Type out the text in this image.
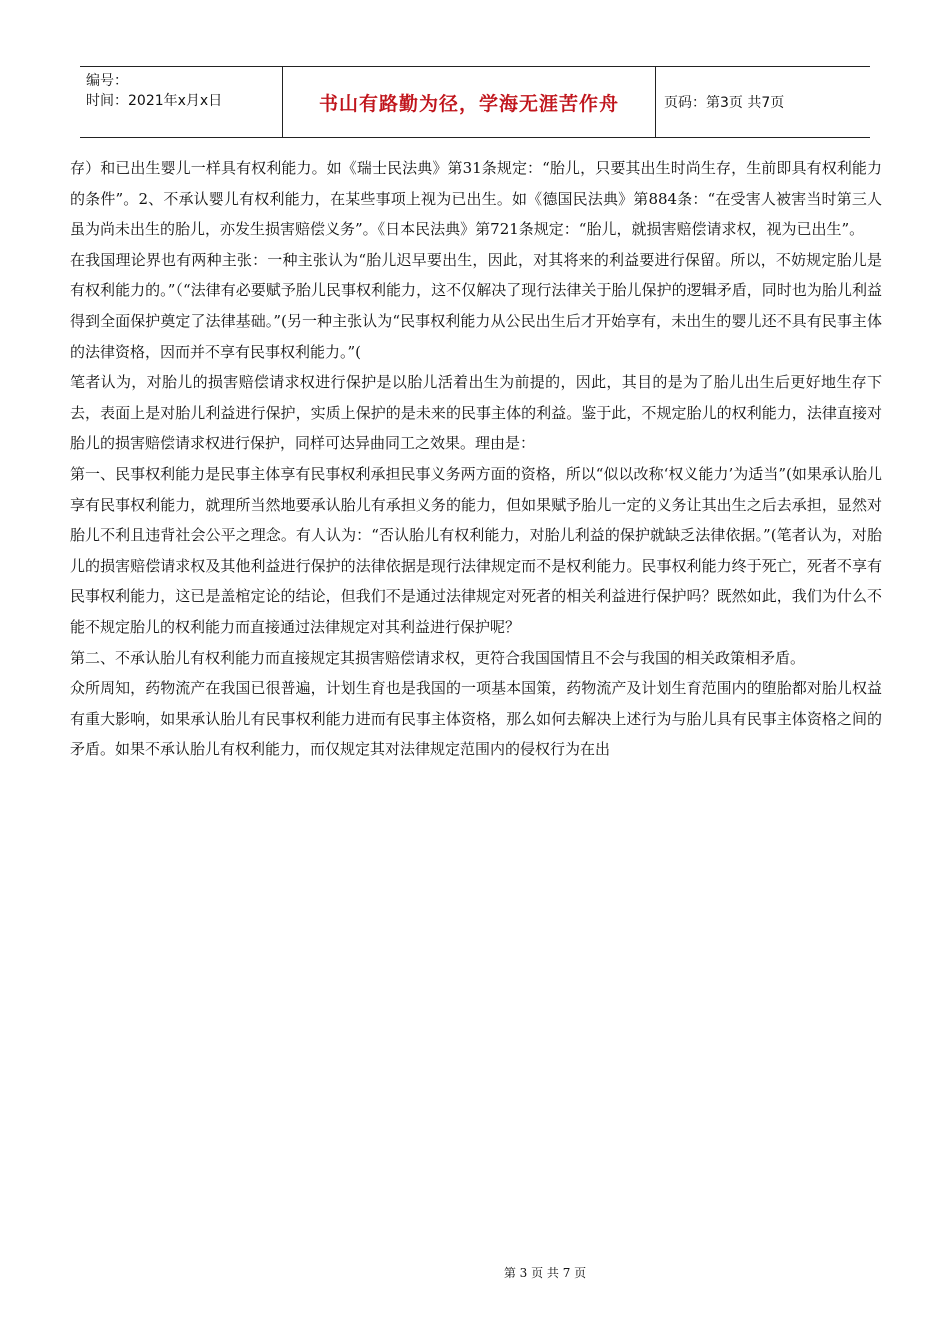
编号：
时间：2021年x月x日	书山有路勤为径，学海无涯苦作舟	页码：第3页 共7页

存）和已出生婴儿一样具有权利能力。如《瑞士民法典》第31条规定：“胎儿，只要其出生时尚生存，生前即具有权利能力的条件”。2、不承认婴儿有权利能力，在某些事项上视为已出生。如《德国民法典》第884条：“在受害人被害当时第三人虽为尚未出生的胎儿，亦发生损害赔偿义务”。《日本民法典》第721条规定：“胎儿，就损害赔偿请求权，视为已出生”。

在我国理论界也有两种主张：一种主张认为“胎儿迟早要出生，因此，对其将来的利益要进行保留。所以，不妨规定胎儿是有权利能力的。”（“法律有必要赋予胎儿民事权利能力，这不仅解决了现行法律关于胎儿保护的逻辑矛盾，同时也为胎儿利益得到全面保护奠定了法律基础。”(另一种主张认为“民事权利能力从公民出生后才开始享有，未出生的婴儿还不具有民事主体的法律资格，因而并不享有民事权利能力。”(

笔者认为，对胎儿的损害赔偿请求权进行保护是以胎儿活着出生为前提的，因此，其目的是为了胎儿出生后更好地生存下去，表面上是对胎儿利益进行保护，实质上保护的是未来的民事主体的利益。鉴于此，不规定胎儿的权利能力，法律直接对胎儿的损害赔偿请求权进行保护，同样可达异曲同工之效果。理由是：

第一、民事权利能力是民事主体享有民事权利承担民事义务两方面的资格，所以“似以改称‘权义能力’为适当”(如果承认胎儿享有民事权利能力，就理所当然地要承认胎儿有承担义务的能力，但如果赋予胎儿一定的义务让其出生之后去承担，显然对胎儿不利且违背社会公平之理念。有人认为：“否认胎儿有权利能力，对胎儿利益的保护就缺乏法律依据。”(笔者认为，对胎儿的损害赔偿请求权及其他利益进行保护的法律依据是现行法律规定而不是权利能力。民事权利能力终于死亡，死者不享有民事权利能力，这已是盖棺定论的结论，但我们不是通过法律规定对死者的相关利益进行保护吗？既然如此，我们为什么不能不规定胎儿的权利能力而直接通过法律规定对其利益进行保护呢？

第二、不承认胎儿有权利能力而直接规定其损害赔偿请求权，更符合我国国情且不会与我国的相关政策相矛盾。

众所周知，药物流产在我国已很普遍，计划生育也是我国的一项基本国策，药物流产及计划生育范围内的堕胎都对胎儿权益有重大影响，如果承认胎儿有民事权利能力进而有民事主体资格，那么如何去解决上述行为与胎儿具有民事主体资格之间的矛盾。如果不承认胎儿有权利能力，而仅规定其对法律规定范围内的侵权行为在出

第 3 页 共 7 页
